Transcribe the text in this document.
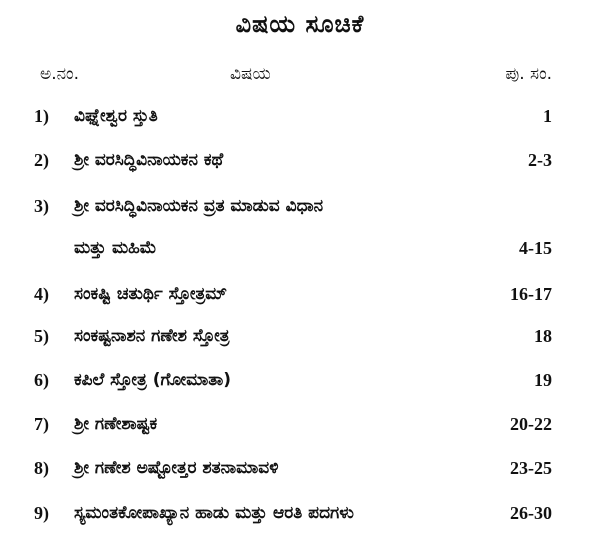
ವಿಷಯ ಸೂಚಿಕೆ
ಅ.ನಂ.	ವಿಷಯ	ಪು. ಸಂ.
1) ವಿಘ್ನೇಶ್ವರ ಸ್ತುತಿ	1
2) ಶ್ರೀ ವರಸಿದ್ಧಿವಿನಾಯಕನ ಕಥೆ	2-3
3) ಶ್ರೀ ವರಸಿದ್ಧಿವಿನಾಯಕನ ವ್ರತ ಮಾಡುವ ವಿಧಾನ
ಮತ್ತು ಮಹಿಮೆ	4-15
4) ಸಂಕಷ್ಟಿ ಚತುರ್ಥಿ ಸ್ತೋತ್ರಮ್	16-17
5) ಸಂಕಷ್ಟನಾಶನ ಗಣೇಶ ಸ್ತೋತ್ರ	18
6) ಕಪಿಲೆ ಸ್ತೋತ್ರ (ಗೋಮಾತಾ)	19
7) ಶ್ರೀ ಗಣೇಶಾಷ್ಟಕ	20-22
8) ಶ್ರೀ ಗಣೇಶ ಅಷ್ಟೋತ್ತರ ಶತನಾಮಾವಳಿ	23-25
9) ಸ್ಯಮಂತಕೋಪಾಖ್ಯಾನ ಹಾಡು ಮತ್ತು ಆರತಿ ಪದಗಳು	26-30
